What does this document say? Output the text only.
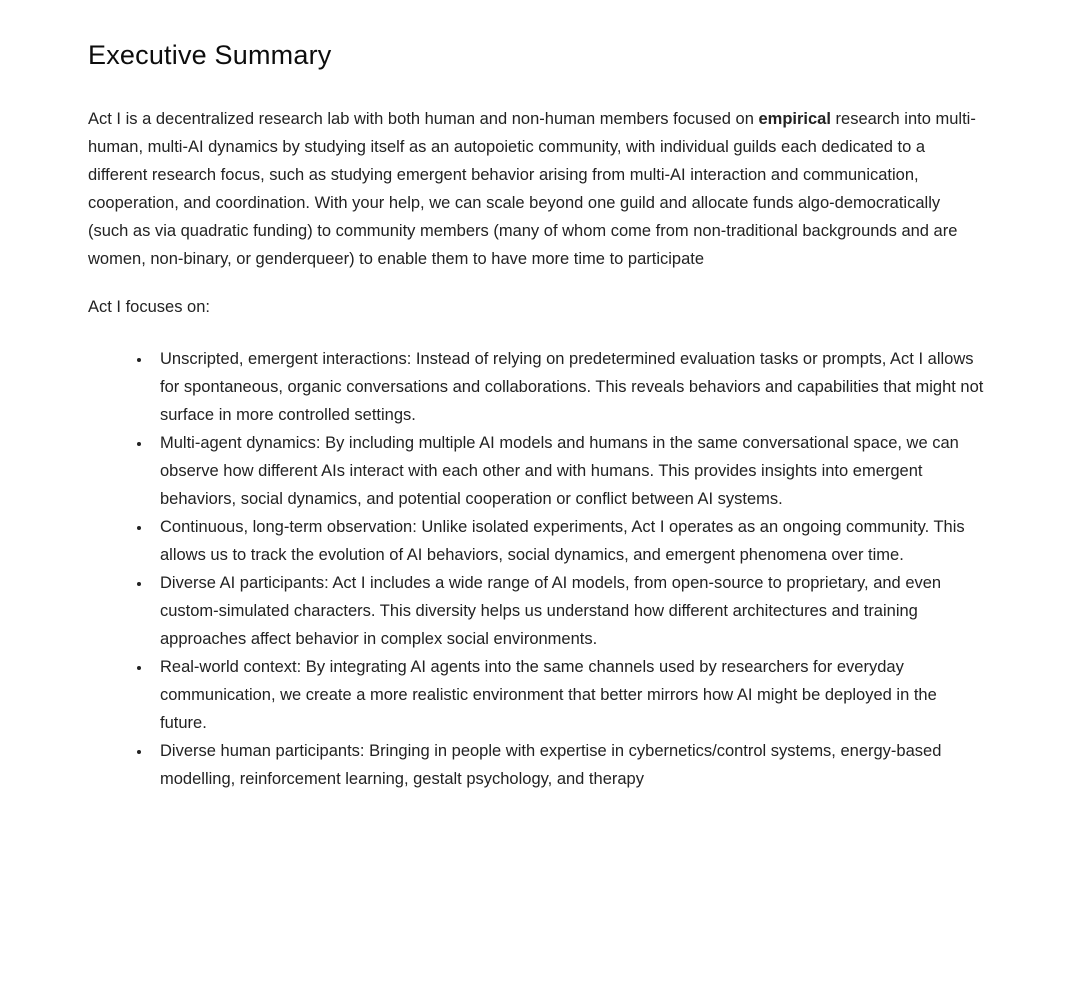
Executive Summary

Act I is a decentralized research lab with both human and non-human members focused on empirical research into multi-human, multi-AI dynamics by studying itself as an autopoietic community, with individual guilds each dedicated to a different research focus, such as studying emergent behavior arising from multi-AI interaction and communication, cooperation, and coordination. With your help, we can scale beyond one guild and allocate funds algo-democratically (such as via quadratic funding) to community members (many of whom come from non-traditional backgrounds and are women, non-binary, or genderqueer) to enable them to have more time to participate

Act I focuses on:

• Unscripted, emergent interactions: Instead of relying on predetermined evaluation tasks or prompts, Act I allows for spontaneous, organic conversations and collaborations. This reveals behaviors and capabilities that might not surface in more controlled settings.
• Multi-agent dynamics: By including multiple AI models and humans in the same conversational space, we can observe how different AIs interact with each other and with humans. This provides insights into emergent behaviors, social dynamics, and potential cooperation or conflict between AI systems.
• Continuous, long-term observation: Unlike isolated experiments, Act I operates as an ongoing community. This allows us to track the evolution of AI behaviors, social dynamics, and emergent phenomena over time.
• Diverse AI participants: Act I includes a wide range of AI models, from open-source to proprietary, and even custom-simulated characters. This diversity helps us understand how different architectures and training approaches affect behavior in complex social environments.
• Real-world context: By integrating AI agents into the same channels used by researchers for everyday communication, we create a more realistic environment that better mirrors how AI might be deployed in the future.
• Diverse human participants: Bringing in people with expertise in cybernetics/control systems, energy-based modelling, reinforcement learning, gestalt psychology, and therapy
